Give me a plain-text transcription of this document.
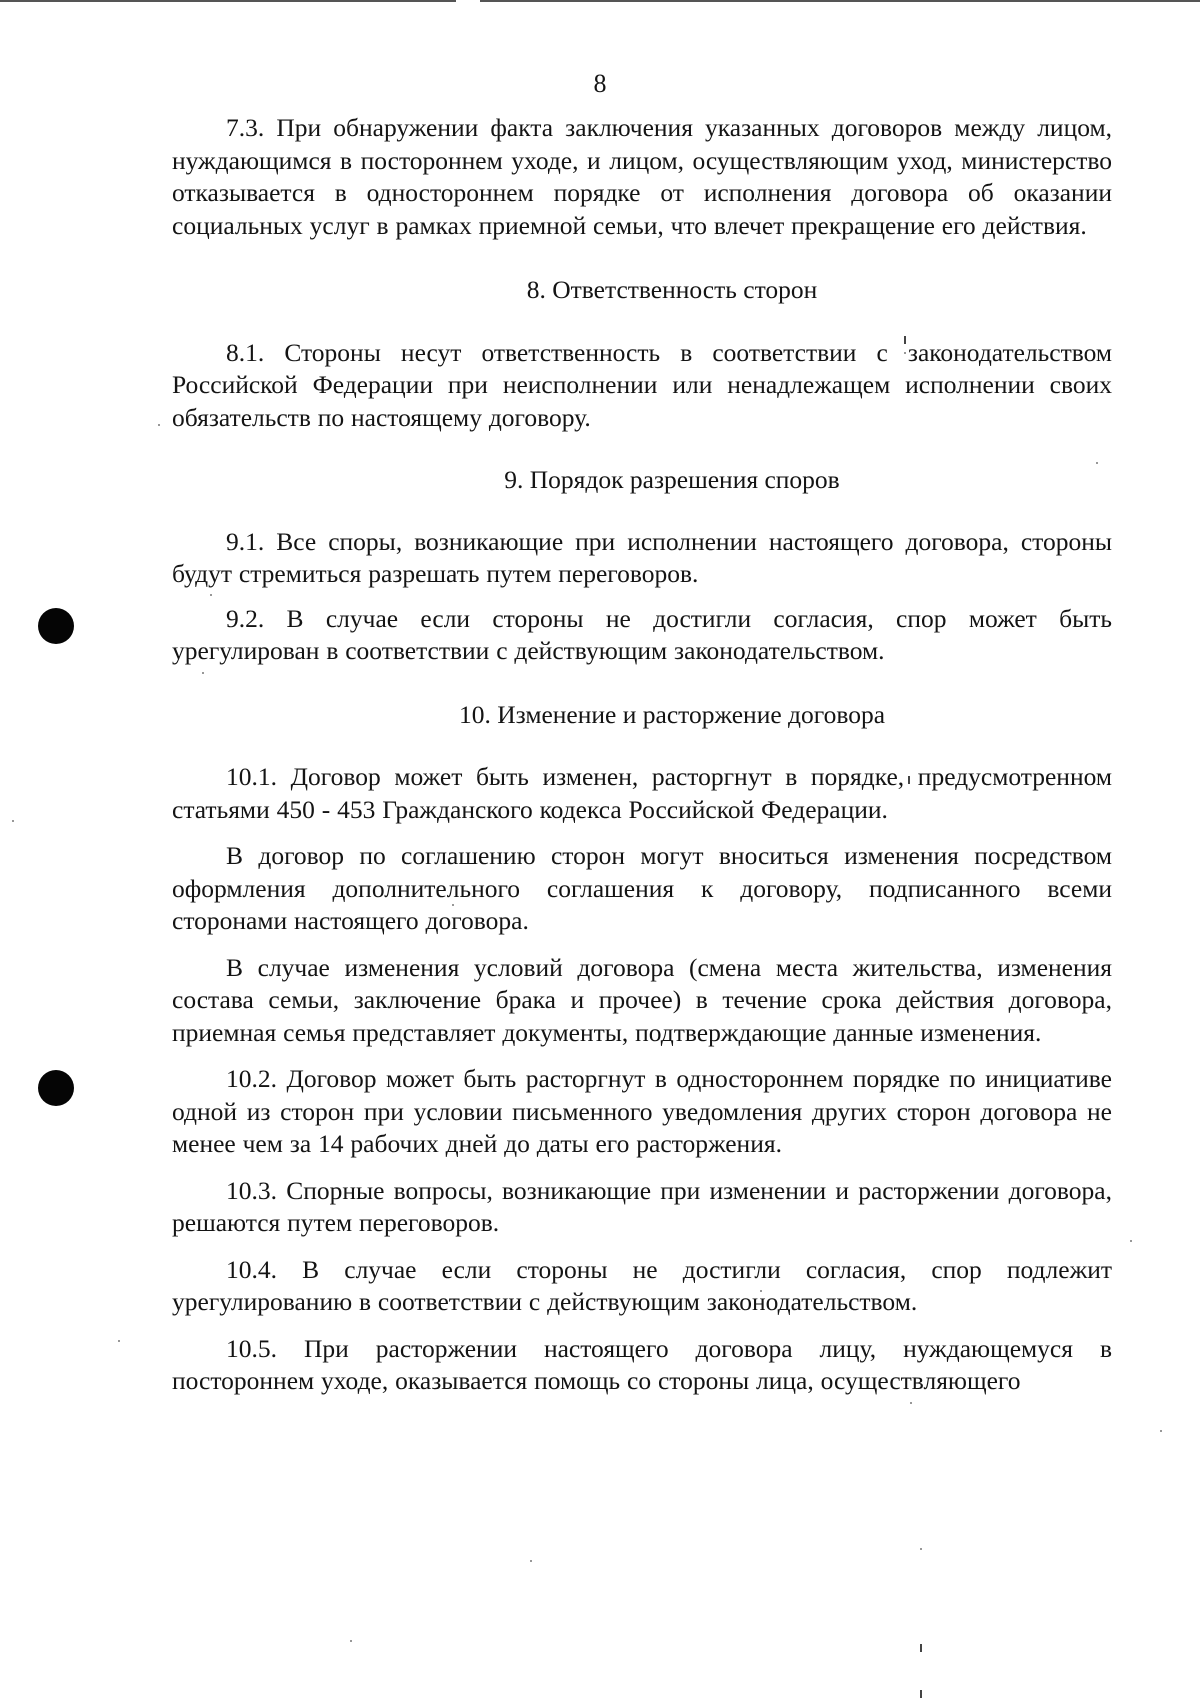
8

7.3. При обнаружении факта заключения указанных договоров между лицом, нуждающимся в постороннем уходе, и лицом, осуществляющим уход, министерство отказывается в одностороннем порядке от исполнения договора об оказании социальных услуг в рамках приемной семьи, что влечет прекращение его действия.

8. Ответственность сторон

8.1. Стороны несут ответственность в соответствии с законодательством Российской Федерации при неисполнении или ненадлежащем исполнении своих обязательств по настоящему договору.

9. Порядок разрешения споров

9.1. Все споры, возникающие при исполнении настоящего договора, стороны будут стремиться разрешать путем переговоров.

9.2. В случае если стороны не достигли согласия, спор может быть урегулирован в соответствии с действующим законодательством.

10. Изменение и расторжение договора

10.1. Договор может быть изменен, расторгнут в порядке, предусмотренном статьями 450 - 453 Гражданского кодекса Российской Федерации.

В договор по соглашению сторон могут вноситься изменения посредством оформления дополнительного соглашения к договору, подписанного всеми сторонами настоящего договора.

В случае изменения условий договора (смена места жительства, изменения состава семьи, заключение брака и прочее) в течение срока действия договора, приемная семья представляет документы, подтверждающие данные изменения.

10.2. Договор может быть расторгнут в одностороннем порядке по инициативе одной из сторон при условии письменного уведомления других сторон договора не менее чем за 14 рабочих дней до даты его расторжения.

10.3. Спорные вопросы, возникающие при изменении и расторжении договора, решаются путем переговоров.

10.4. В случае если стороны не достигли согласия, спор подлежит урегулированию в соответствии с действующим законодательством.

10.5. При расторжении настоящего договора лицу, нуждающемуся в постороннем уходе, оказывается помощь со стороны лица, осуществляющего
